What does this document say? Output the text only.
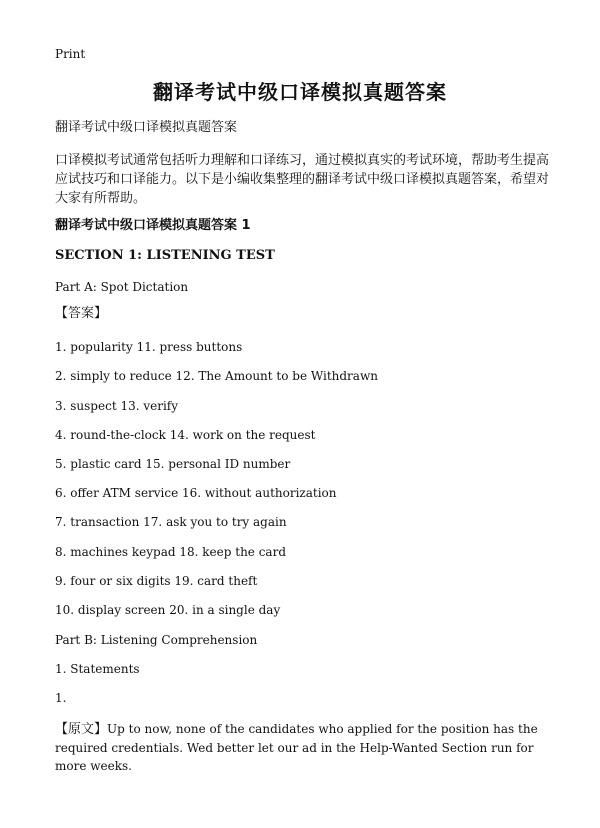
Print
翻译考试中级口译模拟真题答案
翻译考试中级口译模拟真题答案
口译模拟考试通常包括听力理解和口译练习，通过模拟真实的考试环境，帮助考生提高应试技巧和口译能力。以下是小编收集整理的翻译考试中级口译模拟真题答案，希望对大家有所帮助。
翻译考试中级口译模拟真题答案 1
SECTION 1: LISTENING TEST
Part A: Spot Dictation
【答案】
1. popularity 11. press buttons
2. simply to reduce 12. The Amount to be Withdrawn
3. suspect 13. verify
4. round-the-clock 14. work on the request
5. plastic card 15. personal ID number
6. offer ATM service 16. without authorization
7. transaction 17. ask you to try again
8. machines keypad 18. keep the card
9. four or six digits 19. card theft
10. display screen 20. in a single day
Part B: Listening Comprehension
1. Statements
1.
【原文】Up to now, none of the candidates who applied for the position has the required credentials. Wed better let our ad in the Help-Wanted Section run for more weeks.
